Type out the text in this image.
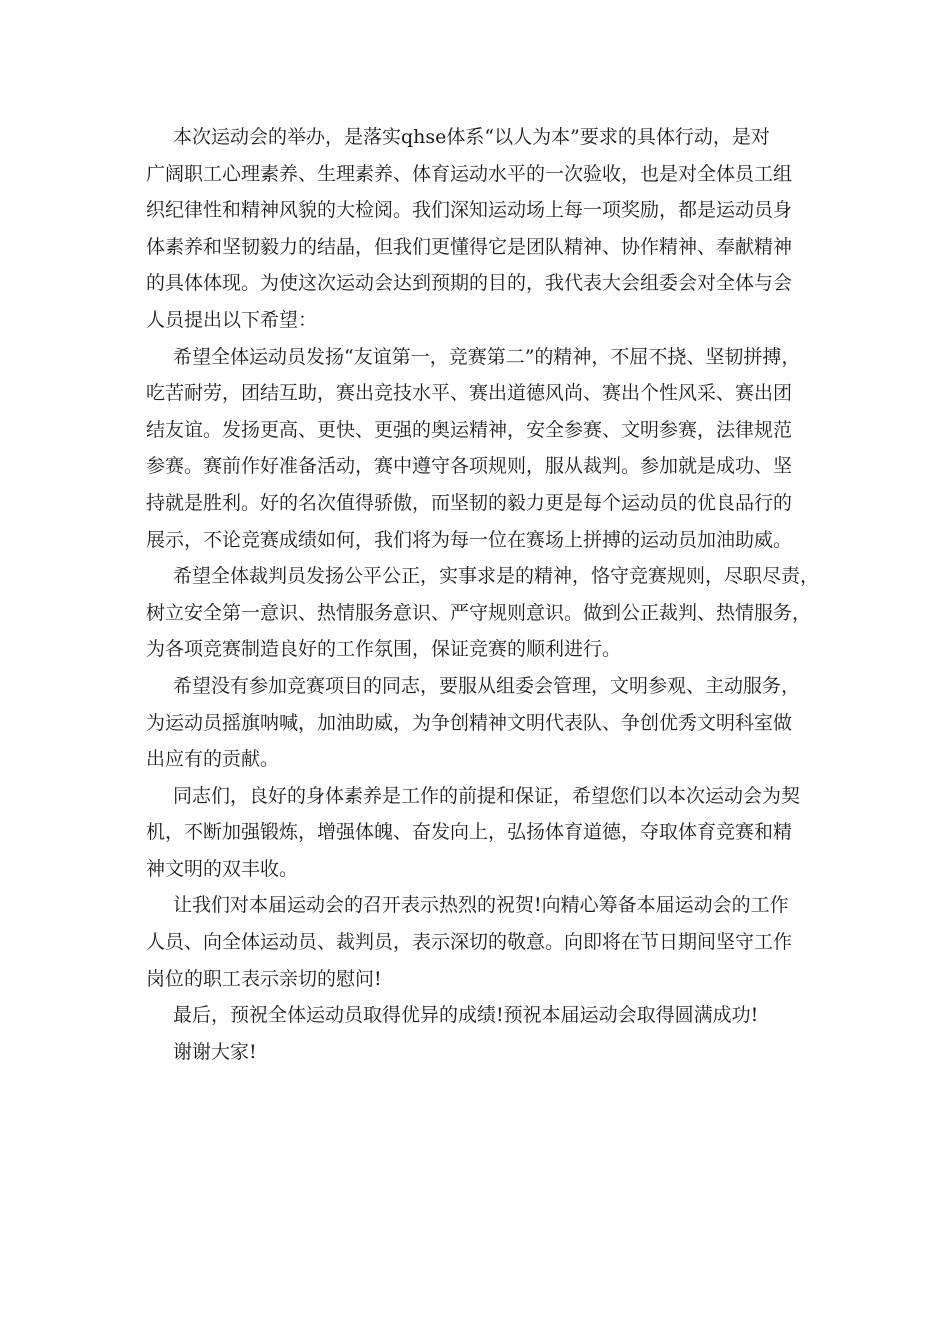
本次运动会的举办，是落实qhse体系“以人为本”要求的具体行动，是对
广阔职工心理素养、生理素养、体育运动水平的一次验收，也是对全体员工组
织纪律性和精神风貌的大检阅。我们深知运动场上每一项奖励，都是运动员身
体素养和坚韧毅力的结晶，但我们更懂得它是团队精神、协作精神、奉献精神
的具体体现。为使这次运动会达到预期的目的，我代表大会组委会对全体与会
人员提出以下希望：
希望全体运动员发扬“友谊第一，竞赛第二”的精神，不屈不挠、坚韧拼搏，
吃苦耐劳，团结互助，赛出竞技水平、赛出道德风尚、赛出个性风采、赛出团
结友谊。发扬更高、更快、更强的奥运精神，安全参赛、文明参赛，法律规范
参赛。赛前作好准备活动，赛中遵守各项规则，服从裁判。参加就是成功、坚
持就是胜利。好的名次值得骄傲，而坚韧的毅力更是每个运动员的优良品行的
展示，不论竞赛成绩如何，我们将为每一位在赛场上拼搏的运动员加油助威。
希望全体裁判员发扬公平公正，实事求是的精神，恪守竞赛规则，尽职尽责，
树立安全第一意识、热情服务意识、严守规则意识。做到公正裁判、热情服务，
为各项竞赛制造良好的工作氛围，保证竞赛的顺利进行。
希望没有参加竞赛项目的同志，要服从组委会管理，文明参观、主动服务，
为运动员摇旗呐喊，加油助威，为争创精神文明代表队、争创优秀文明科室做
出应有的贡献。
同志们，良好的身体素养是工作的前提和保证，希望您们以本次运动会为契
机，不断加强锻炼，增强体魄、奋发向上，弘扬体育道德，夺取体育竞赛和精
神文明的双丰收。
让我们对本届运动会的召开表示热烈的祝贺!向精心筹备本届运动会的工作
人员、向全体运动员、裁判员，表示深切的敬意。向即将在节日期间坚守工作
岗位的职工表示亲切的慰问!
最后，预祝全体运动员取得优异的成绩!预祝本届运动会取得圆满成功!
谢谢大家!
